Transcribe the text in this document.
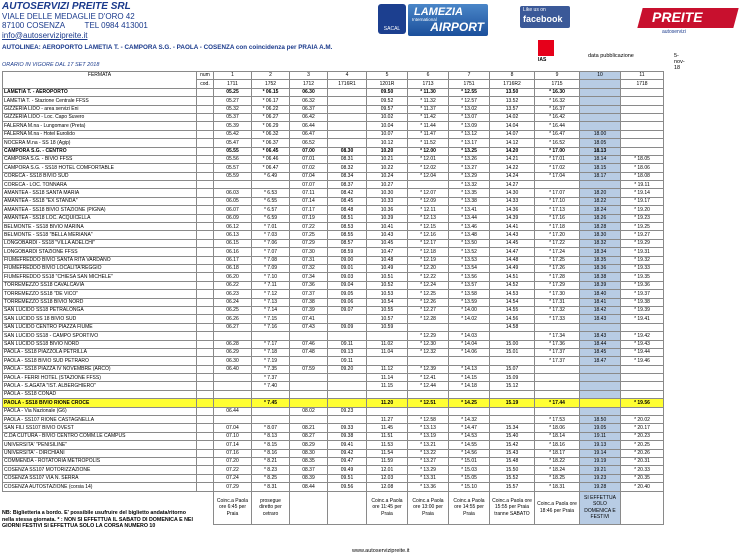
AUTOSERVIZI PREITE SRL
VIALE DELLE MEDAGLIE D'ORO 42
87100 COSENZA         TEL 0984 413001
info@autoservizipreite.it
SACAL
LAMEZIA
International
AIRPORT
Like us on
facebook	PREITE
autoservizi
IAS
data pubblicazione	5-nov-18
AUTOLINEA: AEROPORTO LAMETIA T. - CAMPORA S.G. - PAOLA - COSENZA con coincidenza per PRAIA A.M.
ORARIO IN VIGORE DAL 17 SET 2018
FERMATA	num	1	2	3	4	5	6	7	8	9	10	11
	cod.	1711	1752	1712	1716R1	1201R	1713	1751	1716R2	1715		1718
LAMETIA T. - AEROPORTO		05.25	* 06.15	06.30		09.50	* 11.30	* 12.55	13.50	* 16.30		
LAMETIA T. - Stazione Centrale FFSS		05.27	* 06.17	06.32		09.52	* 11.32	* 12.57	13.52	* 16.32		
GIZZERIA LIDO - area servizi Eni		05.32	* 06.22	06.37		09.57	* 11.37	* 13.02	13.57	* 16.37		
GIZZERIA LIDO - Loc. Capo Suvero		05.37	* 06.27	06.42		10.02	* 11.42	* 13.07	14.02	* 16.42		
FALERNA M.na - Lungomare (Preta)		05.39	* 06.29	06.44		10.04	* 11.44	* 13.09	14.04	* 16.44		
FALERNA M.na - Hotel Eurolido		05.42	* 06.32	06.47		10.07	* 11.47	* 13.12	14.07	* 16.47	18.00	
NOCERA M.na - SS 18 (Agip)		05.47	* 06.37	06.52		10.12	* 11.52	* 13.17	14.12	* 16.52	18.05	
CAMPORA S.G. - CENTRO		05.55	* 06.45	07.00	08.30	10.20	* 12.00	* 13.25	14.20	* 17.00	18.13	
CAMPORA S.G. - BIVIO FFSS		05.56	* 06.46	07.01	08.31	10.21	* 12.01	* 13.26	14.21	* 17.01	18.14	* 18.05
CAMPORA S.G. - SS18 HOTEL COMFORTABLE		05.57	* 06.47	07.02	08.32	10.22	* 12.02	* 13.27	14.22	* 17.02	18.15	* 18.06
CORECA - SS18 BIVIO SUD		05.59	* 6.49	07.04	08.34	10.24	* 12.04	* 13.29	14.24	* 17.04	18.17	* 18.08
CORECA - LOC. TONNARA				07.07	08.37	10.27		* 13.32	14.27			* 19.11
AMANTEA - SS18 SANTA MARIA		06.03	* 6.53	07.11	08.42	10.30	* 12.07	* 13.35	14.30	* 17.07	18.20	* 19.14
AMANTEA - SS18 "EX STANDA"		06.05	* 6.55	07.14	08.45	10.33	* 12.09	* 13.38	14.33	* 17.10	18.22	* 19.17
AMANTEA - SS18 BIVIO STAZIONE (PIGNA)		06.07	* 6.57	07.17	08.48	10.36	* 12.11	* 13.41	14.36	* 17.13	18.24	* 19.20
AMANTEA - SS18 LOC. ACQUICELLA		06.09	* 6.59	07.19	08.51	10.39	* 12.13	* 13.44	14.39	* 17.16	18.26	* 19.23
BELMONTE - SS18 BIVIO MARINA		06.12	* 7.01	07.22	08.53	10.41	* 12.15	* 13.46	14.41	* 17.18	18.28	* 19.25
BELMONTE - SS18 "BELLA MERIANA"		06.13	* 7.03	07.25	08.55	10.43	* 12.16	* 13.48	14.43	* 17.20	18.30	* 19.27
LONGOBARDI - SS18 "VILLA ADELCHI"		06.15	* 7.06	07.29	08.57	10.45	* 12.17	* 13.50	14.45	* 17.22	18.32	* 19.29
LONGOBARDI STAZIONE FFSS		06.16	* 7.07	07.30	08.59	10.47	* 12.18	* 13.52	14.47	* 17.24	18.34	* 19.31
FIUMEFREDDO BIVIO SANTA RITA VARDANO		06.17	* 7.08	07.31	09.00	10.48	* 12.19	* 13.53	14.48	* 17.25	18.35	* 19.32
FIUMEFREDDO BIVIO LOCALITA'REGGIO		06.18	* 7.09	07.32	09.01	10.49	* 12.20	* 13.54	14.49	* 17.26	18.36	* 19.33
FIUMEFREDDO SS18 "CHIESA SAN MICHELE"		06.20	* 7.10	07.34	09.03	10.51	* 12.22	* 13.56	14.51	* 17.28	18.38	* 19.35
TORREMEZZO SS18 CAVALCAVIA		06.22	* 7.11	07.36	09.04	10.52	* 12.24	* 13.57	14.52	* 17.29	18.39	* 19.36
TORREMEZZO SS18 "DE VICO"		06.23	* 7.12	07.37	09.05	10.53	* 12.25	* 13.58	14.53	* 17.30	18.40	* 19.37
TORREMEZZO SS18 BIVIO NORD		06.24	* 7.13	07.38	09.06	10.54	* 12.26	* 13.59	14.54	* 17.31	18.41	* 19.38
SAN LUCIDO SS18 PETRALONGA		06.25	* 7.14	07.39	09.07	10.55	* 12.27	* 14.00	14.55	* 17.32	18.42	* 19.39
SAN LUCIDO SS 18 BIVIO SUD		06.26	* 7.15	07.41		10.57	* 12.28	* 14.02	14.56	* 17.33	18.43	* 19.41
SAN LUCIDO CENTRO PIAZZA FIUME		06.27	* 7.16	07.43	09.09	10.59			14.58			
SAN LUCIDO SS18 - CAMPO SPORTIVO							* 12.29	* 14.03		* 17.34	18.43	* 19.42
SAN LUCIDO SS18 BIVIO NORD		06.28	* 7.17	07.46	09.11	11.02	* 12.30	* 14.04	15.00	* 17.36	18.44	* 19.43
PAOLA - SS18 PIAZZOLA PETRILLA		06.29	* 7.18	07.48	09.13	11.04	* 12.32	* 14.06	15.01	* 17.37	18.45	* 19.44
PAOLA - SS18 BIVIO SUD PETRARO		06.30	* 7.19		09.11					* 17.37	18.47	* 19.46
PAOLA - SS18 PIAZZA IV NOVEMBRE (ARCO)		06.40	* 7.35	07.59	09.20	11.12	* 12.39	* 14.13	15.07			
PAOLA - FERRI HOTEL (STAZIONE FFSS)			* 7.37			11.14	* 12.41	* 14.15	15.09			
PAOLA - S.AGATA "IST. ALBERGHIERO"			* 7.40			11.15	* 12.44	* 14.18	15.12			
PAOLA - SS18 CONAD												
PAOLA - SS18 BIVIO RIONE CROCE			* 7.45			11.20	* 12.51	* 14.25	15.19	* 17.44		* 19.56
PAOLA - Via Nazionale (G6)		06.44		08.02	09.23							
PAOLA - SS107 RIONE CASTAGNELLA						11.27	* 12.58	* 14.32		* 17.53	18.50	* 20.02
SAN FILI SS107 BIVIO OVEST		07.04	* 8.07	08.21	09.33	11.45	* 13.13	* 14.47	15.34	* 18.06	19.05	* 20.17
C.DA CUTURA - BIVIO CENTRO COMM.LE CAMPUS		07.10	* 8.13	08.27	09.38	11.51	* 13.19	* 14.53	15.40	* 18.14	19.11	* 20.23
UNIVERSITA' "PENISILINE"		07.14	* 8.15	08.29	09.41	11.53	* 13.21	* 14.55	15.42	* 18.16	19.13	* 20.25
UNIVERSITA' - DIRCHIANI		07.16	* 8.16	08.30	09.42	11.54	* 13.22	* 14.56	15.43	* 18.17	19.14	* 20.26
COMMENDA - ROTATORIA METROPOLIS		07.20	* 8.21	08.35	09.47	11.59	* 13.27	* 15.01	15.48	* 18.22	19.19	* 20.31
COSENZA SS107 MOTORIZZAZIONE		07.22	* 8.23	08.37	09.49	12.01	* 13.29	* 15.03	15.50	* 18.24	19.21	* 20.33
COSENZA SS107 VIA N. SERRA		07.24	* 8.25	08.39	09.51	12.03	* 13.31	* 15.05	15.52	* 18.25	19.23	* 20.35
COSENZA AUTOSTAZIONE (corsia 14)		07.29	* 8.31	08.44	09.56	12.08	* 13.36	* 15.10	15.57	* 18.31	19.28	* 20.40
		Coinc.a Paola ore 6:45 per Praia	prosegue diretto per cetraro			Coinc.a Paola ore 11:45 per Praia	Coinc.a Paola ore 13:00 per Praia	Coinc.a Paola ore 14:55 per Praia	Coinc.a Paola ore 15:55 per Praia tranne SABATO	Coinc.a Paola ore 18:46 per Praia	SI EFFETTUA SOLO DOMENICA E FESTIVI	
NB: Biglietteria a bordo. E' possibile usufruire del biglietto andata/ritorno nella stessa giornata. * : NON SI EFFETTUA IL SABATO DI DOMENICA E NEI GIORNI FESTIVI SI EFFETTUA SOLO LA CORSA NUMERO 10
www.autoservizipreite.it
